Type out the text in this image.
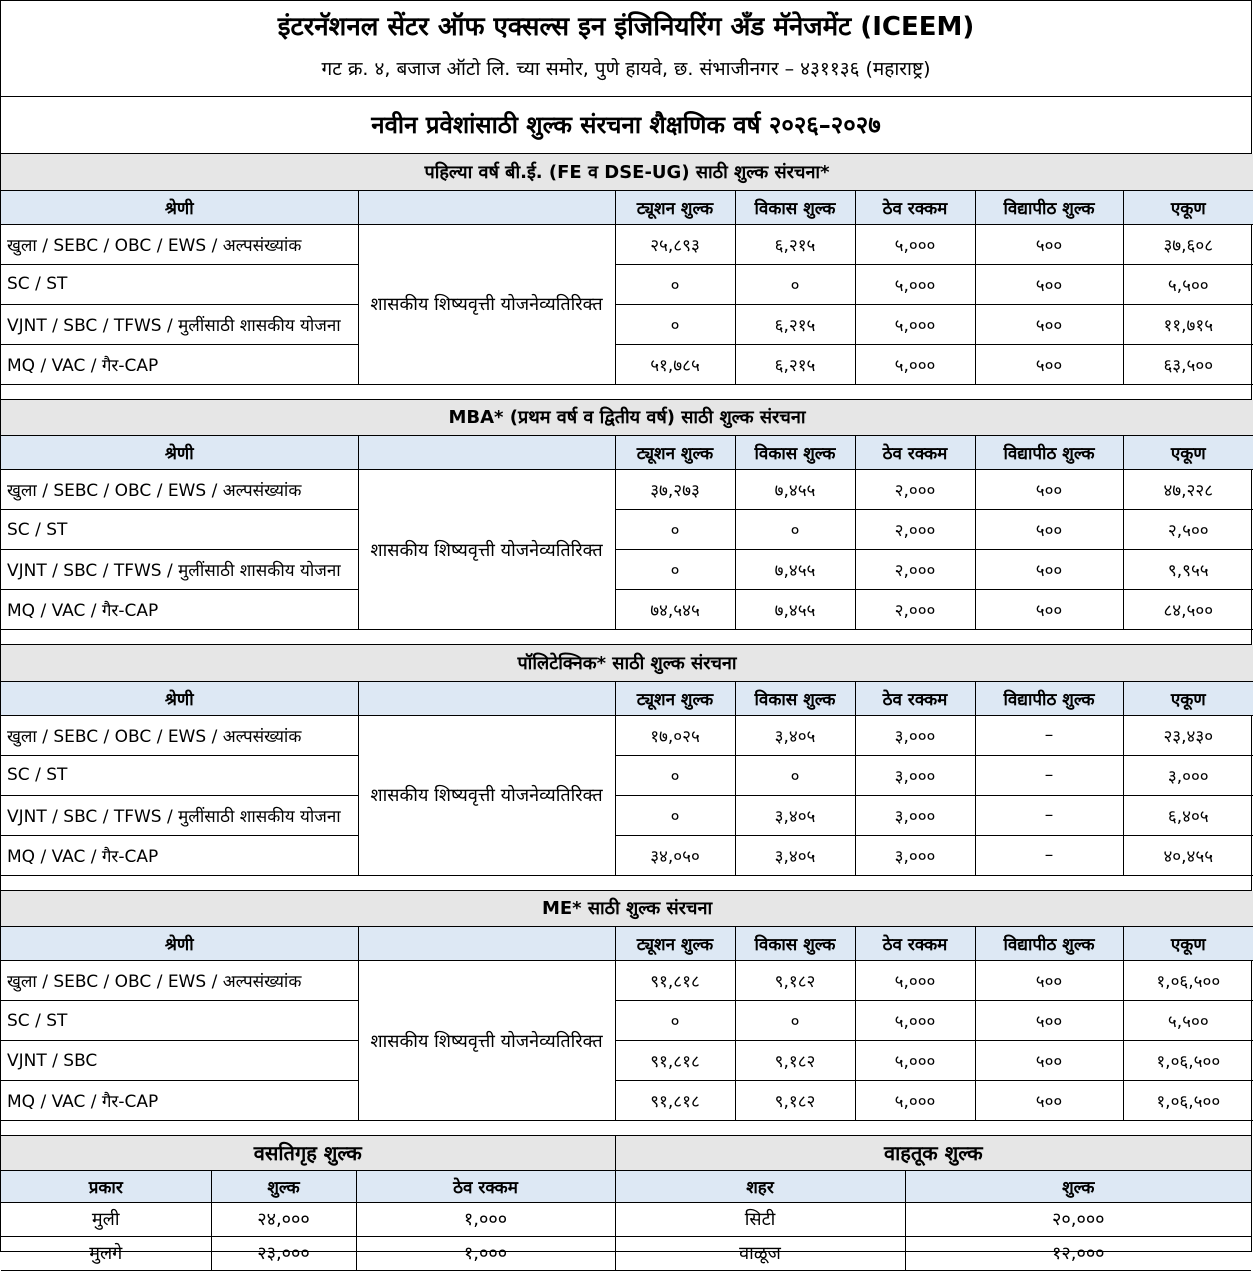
इंटरनॅशनल सेंटर ऑफ एक्सल्स इन इंजिनियरिंग ॲंड मॅनेजमेंट (ICEEM)
गट क्र. ४, बजाज ऑटो लि. च्या समोर, पुणे हायवे, छ. संभाजीनगर – ४३११३६ (महाराष्ट्र)
नवीन प्रवेशांसाठी शुल्क संरचना शैक्षणिक वर्ष २०२६–२०२७
पहिल्या वर्ष बी.ई. (FE व DSE-UG) साठी शुल्क संरचना*						
श्रेणी		ट्यूशन शुल्क	विकास शुल्क	ठेव रक्कम	विद्यापीठ शुल्क	एकूण
खुला / SEBC / OBC / EWS / अल्पसंख्यांक	शासकीय शिष्यवृत्ती योजनेव्यतिरिक्त	२५,८९३	६,२१५	५,०००	५००	३७,६०८
SC / ST		०	०	५,०००	५००	५,५००
VJNT / SBC / TFWS / मुलींसाठी शासकीय योजना		०	६,२१५	५,०००	५००	११,७१५
MQ / VAC / गैर-CAP		५१,७८५	६,२१५	५,०००	५००	६३,५००
MBA* (प्रथम वर्ष व द्वितीय वर्ष) साठी शुल्क संरचना						
श्रेणी		ट्यूशन शुल्क	विकास शुल्क	ठेव रक्कम	विद्यापीठ शुल्क	एकूण
खुला / SEBC / OBC / EWS / अल्पसंख्यांक	शासकीय शिष्यवृत्ती योजनेव्यतिरिक्त	३७,२७३	७,४५५	२,०००	५००	४७,२२८
SC / ST		०	०	२,०००	५००	२,५००
VJNT / SBC / TFWS / मुलींसाठी शासकीय योजना		०	७,४५५	२,०००	५००	९,९५५
MQ / VAC / गैर-CAP		७४,५४५	७,४५५	२,०००	५००	८४,५००
पॉलिटेक्निक* साठी शुल्क संरचना						
श्रेणी		ट्यूशन शुल्क	विकास शुल्क	ठेव रक्कम	विद्यापीठ शुल्क	एकूण
खुला / SEBC / OBC / EWS / अल्पसंख्यांक	शासकीय शिष्यवृत्ती योजनेव्यतिरिक्त	१७,०२५	३,४०५	३,०००	–	२३,४३०
SC / ST		०	०	३,०००	–	३,०००
VJNT / SBC / TFWS / मुलींसाठी शासकीय योजना		०	३,४०५	३,०००	–	६,४०५
MQ / VAC / गैर-CAP		३४,०५०	३,४०५	३,०००	–	४०,४५५
ME* साठी शुल्क संरचना						
श्रेणी		ट्यूशन शुल्क	विकास शुल्क	ठेव रक्कम	विद्यापीठ शुल्क	एकूण
खुला / SEBC / OBC / EWS / अल्पसंख्यांक	शासकीय शिष्यवृत्ती योजनेव्यतिरिक्त	९१,८१८	९,१८२	५,०००	५००	१,०६,५००
SC / ST		०	०	५,०००	५००	५,५००
VJNT / SBC		९१,८१८	९,१८२	५,०००	५००	१,०६,५००
MQ / VAC / गैर-CAP		९१,८१८	९,१८२	५,०००	५००	१,०६,५००
वसतिगृह शुल्क			वाहतूक शुल्क	
प्रकार	शुल्क	ठेव रक्कम	शहर	शुल्क
मुली	२४,०००	१,०००	सिटी	२०,०००
मुलगे	२३,०००	१,०००	वाळूज	१२,०००
